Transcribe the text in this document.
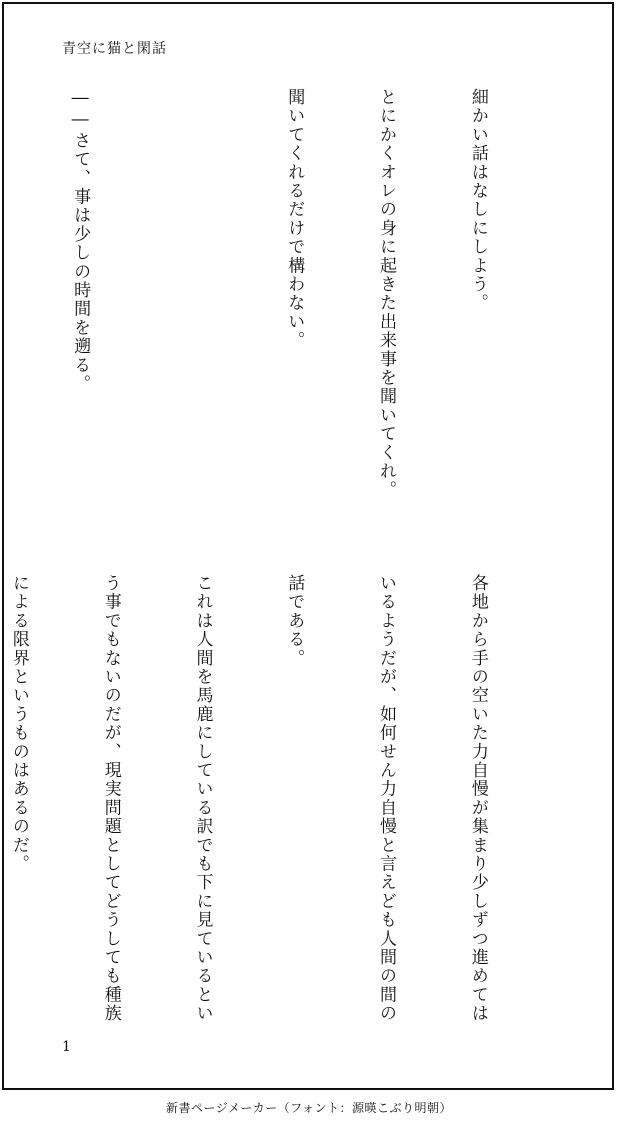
青空に猫と閑話

細かい話はなしにしよう。

とにかくオレの身に起きた出来事を聞いてくれ。

聞いてくれるだけで構わない。

――さて、事は少しの時間を遡る。

各地から手の空いた力自慢が集まり少しずつ進めては

いるようだが、如何せん力自慢と言えども人間の間の

話である。

これは人間を馬鹿にしている訳でも下に見ているとい

う事でもないのだが、現実問題としてどうしても種族

による限界というものはあるのだ。

1
新書ページメーカー（フォント：源暎こぶり明朝）
